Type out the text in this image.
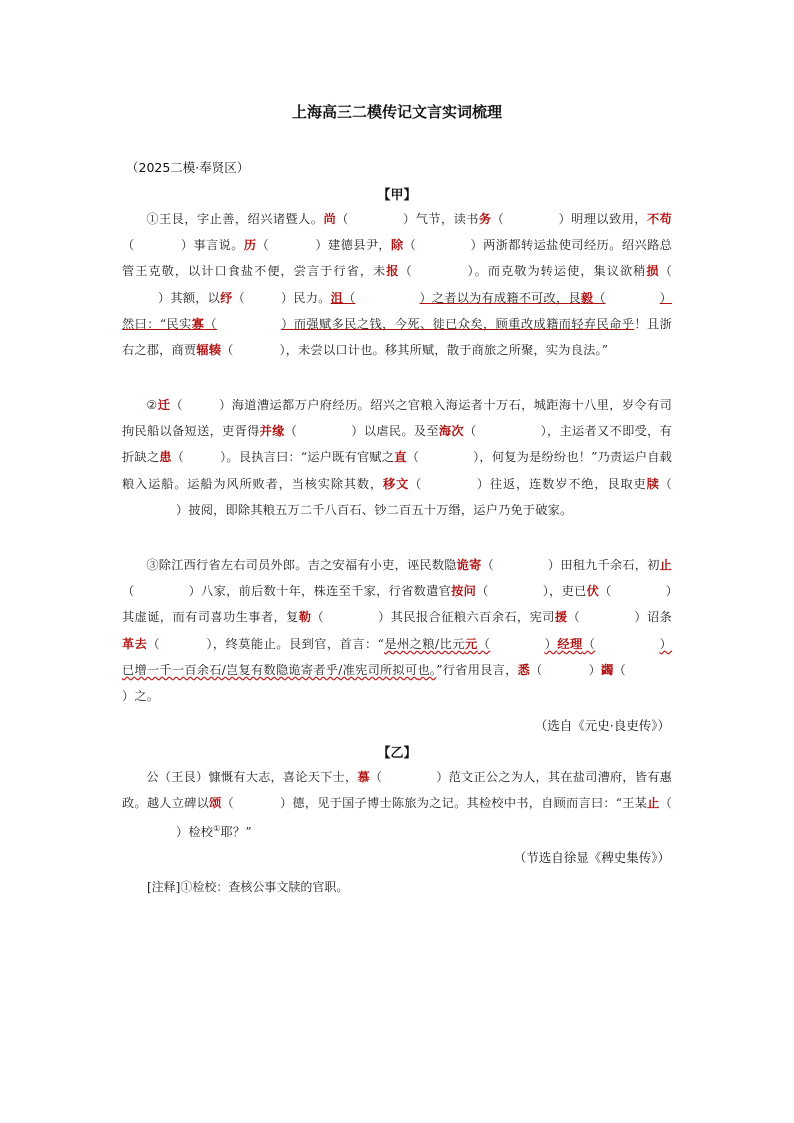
上海高三二模传记文言实词梳理
（2025二模·奉贤区）
【甲】

①王艮，字止善，绍兴诸暨人。尚（	）气节，读书务（	）明理以致用，不苟（	）事言说。历（	）建德县尹，除（	）两浙都转运盐使司经历。绍兴路总管王克敬，以计口食盐不便，尝言于行省，未报（	）。而克敬为转运使，集议欲稍损（）其额，以纾（	）民力。沮（	）之者以为有成籍不可改，艮毅（	）然曰：“民实寡（	）而强赋多民之钱，今死、徙已众矣，顾重改成籍而轻弃民命乎！且浙右之郡，商贾辐辏（	），未尝以口计也。移其所赋，散于商旅之所聚，实为良法。”

②迁（	）海道漕运都万户府经历。绍兴之官粮入海运者十万石，城距海十八里，岁令有司拘民船以备短送，吏胥得并缘（	）以虐民。及至海次（	），主运者又不即受，有折缺之患（	）。艮执言曰：“运户既有官赋之直（	），何复为是纷纷也！”乃责运户自载粮入运船。运船为风所败者，当核实除其数，移文（	）往返，连数岁不绝，艮取吏牍（）披阅，即除其粮五万二千八百石、钞二百五十万缗，运户乃免于破家。

③除江西行省左右司员外郎。吉之安福有小吏，诬民数隐诡寄（	）田租九千余石，初止（	）八家，前后数十年，株连至千家，行省数遣官按问（	），吏已伏（	）其虚诞，而有司喜功生事者，复勒（	）其民报合征粮六百余石，宪司援（	）诏条革去（	），终莫能止。艮到官，首言：“是州之粮/比元元（	）经理（	）已增一千一百余石/岂复有数隐诡寄者乎/准宪司所拟可也。”行省用艮言，悉（	）蠲（）之。

（选自《元史·良吏传》）
【乙】

公（王艮）慷慨有大志，喜论天下士，慕（	）范文正公之为人，其在盐司漕府，皆有惠政。越人立碑以颂（	）德，见于国子博士陈旅为之记。其检校中书，自顾而言曰：“王某止（）检校①耶？”

（节选自徐显《稗史集传》）
[注释]①检校：查核公事文牍的官职。
